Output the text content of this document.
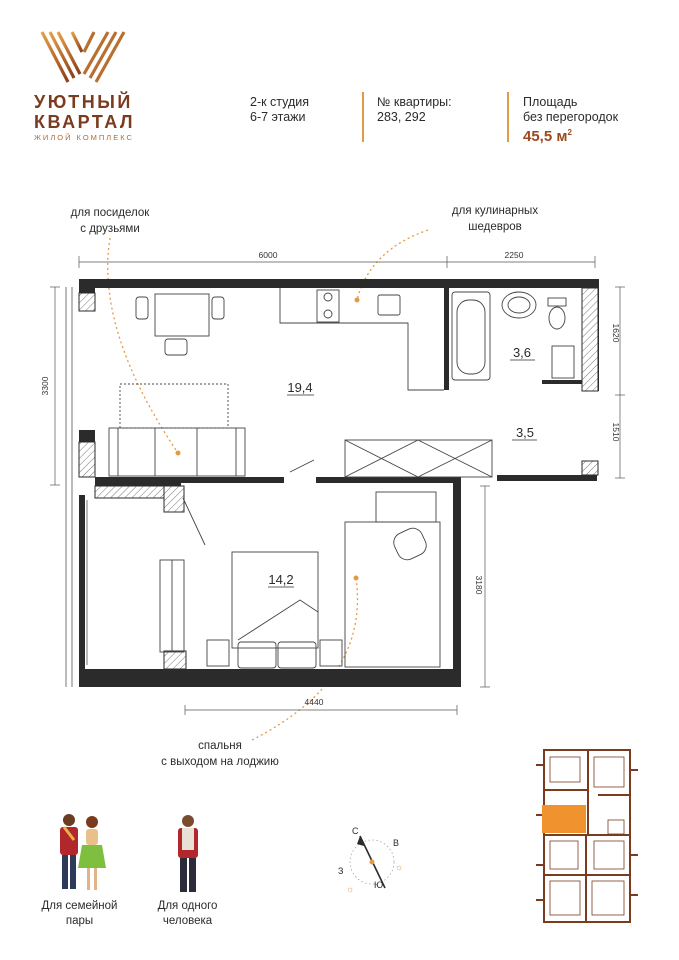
УЮТНЫЙ
КВАРТАЛ
ЖИЛОЙ КОМПЛЕКС
2-к студия
6-7 этажи
№ квартиры:
283, 292
Площадь
без перегородок
45,5 $м^2$
для посиделок
с друзьями
для кулинарных
шедевров
спальня
с выходом на лоджию
6000	2250
3300
1620
1510
3180
4440
19,4
3,6
3,5
14,2
Для семейной
пары
Для одного
человека
С
В
Ю
З	☼
☼
